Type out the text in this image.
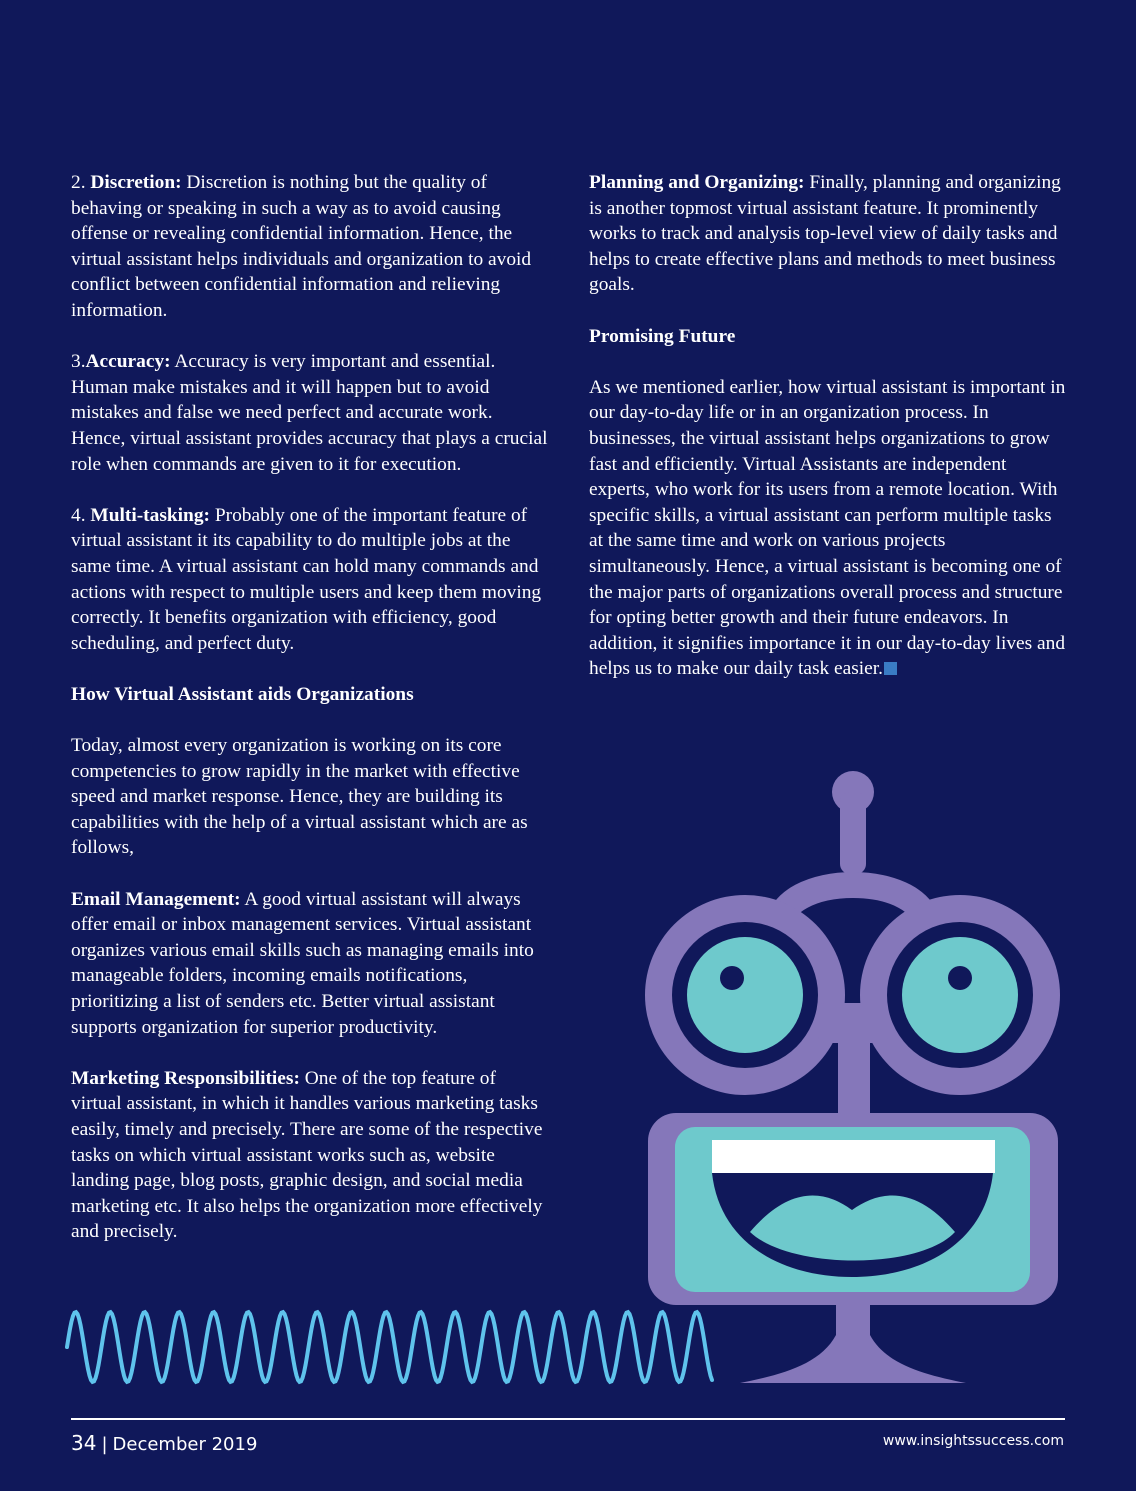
2. Discretion: Discretion is nothing but the quality of behaving or speaking in such a way as to avoid causing offense or revealing confidential information. Hence, the virtual assistant helps individuals and organization to avoid conflict between confidential information and relieving information.

3.Accuracy: Accuracy is very important and essential. Human make mistakes and it will happen but to avoid mistakes and false we need perfect and accurate work. Hence, virtual assistant provides accuracy that plays a crucial role when commands are given to it for execution.

4. Multi-tasking: Probably one of the important feature of virtual assistant it its capability to do multiple jobs at the same time. A virtual assistant can hold many commands and actions with respect to multiple users and keep them moving correctly. It benefits organization with efficiency, good scheduling, and perfect duty.

How Virtual Assistant aids Organizations

Today, almost every organization is working on its core competencies to grow rapidly in the market with effective speed and market response. Hence, they are building its capabilities with the help of a virtual assistant which are as follows,

Email Management: A good virtual assistant will always offer email or inbox management services. Virtual assistant organizes various email skills such as managing emails into manageable folders, incoming emails notifications, prioritizing a list of senders etc. Better virtual assistant supports organization for superior productivity.

Marketing Responsibilities: One of the top feature of virtual assistant, in which it handles various marketing tasks easily, timely and precisely. There are some of the respective tasks on which virtual assistant works such as, website landing page, blog posts, graphic design, and social media marketing etc. It also helps the organization more effectively and precisely.

Planning and Organizing: Finally, planning and organizing is another topmost virtual assistant feature. It prominently works to track and analysis top-level view of daily tasks and helps to create effective plans and methods to meet business goals.

Promising Future

As we mentioned earlier, how virtual assistant is important in our day-to-day life or in an organization process. In businesses, the virtual assistant helps organizations to grow fast and efficiently. Virtual Assistants are independent experts, who work for its users from a remote location. With specific skills, a virtual assistant can perform multiple tasks at the same time and work on various projects simultaneously. Hence, a virtual assistant is becoming one of the major parts of organizations overall process and structure for opting better growth and their future endeavors. In addition, it signifies importance it in our day-to-day lives and helps us to make our daily task easier.

34 | December 2019	www.insightssuccess.com
